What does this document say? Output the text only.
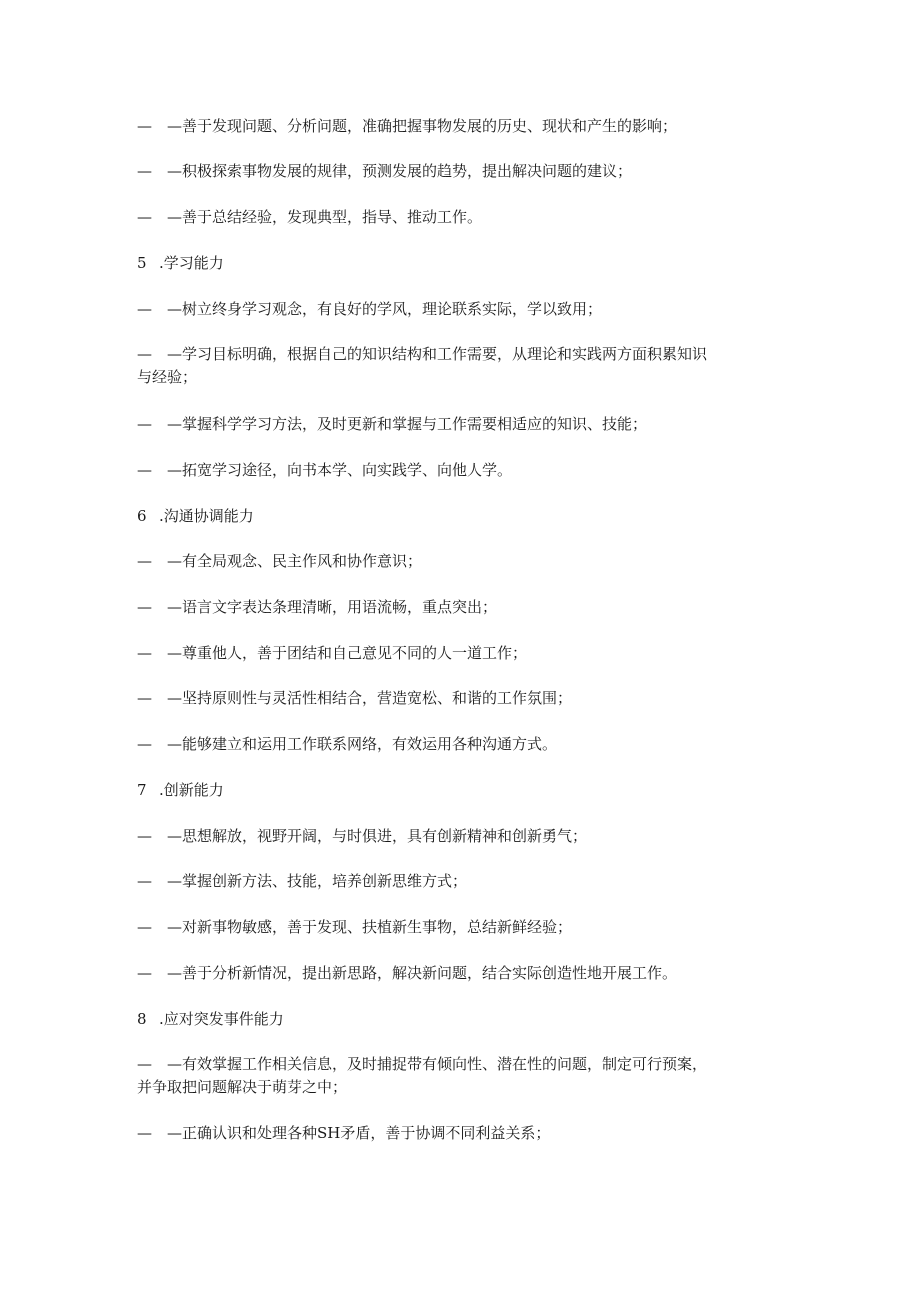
— —善于发现问题、分析问题，准确把握事物发展的历史、现状和产生的影响；
— —积极探索事物发展的规律，预测发展的趋势，提出解决问题的建议；
— —善于总结经验，发现典型，指导、推动工作。
5 .学习能力
— —树立终身学习观念，有良好的学风，理论联系实际，学以致用；
— —学习目标明确，根据自己的知识结构和工作需要，从理论和实践两方面积累知识
与经验；
— —掌握科学学习方法，及时更新和掌握与工作需要相适应的知识、技能；
— —拓宽学习途径，向书本学、向实践学、向他人学。
6 .沟通协调能力
— —有全局观念、民主作风和协作意识；
— —语言文字表达条理清晰，用语流畅，重点突出；
— —尊重他人，善于团结和自己意见不同的人一道工作；
— —坚持原则性与灵活性相结合，营造宽松、和谐的工作氛围；
— —能够建立和运用工作联系网络，有效运用各种沟通方式。
7 .创新能力
— —思想解放，视野开阔，与时俱进，具有创新精神和创新勇气；
— —掌握创新方法、技能，培养创新思维方式；
— —对新事物敏感，善于发现、扶植新生事物，总结新鲜经验；
— —善于分析新情况，提出新思路，解决新问题，结合实际创造性地开展工作。
8 .应对突发事件能力
— —有效掌握工作相关信息，及时捕捉带有倾向性、潜在性的问题，制定可行预案，
并争取把问题解决于萌芽之中；
— —正确认识和处理各种SH矛盾，善于协调不同利益关系；
